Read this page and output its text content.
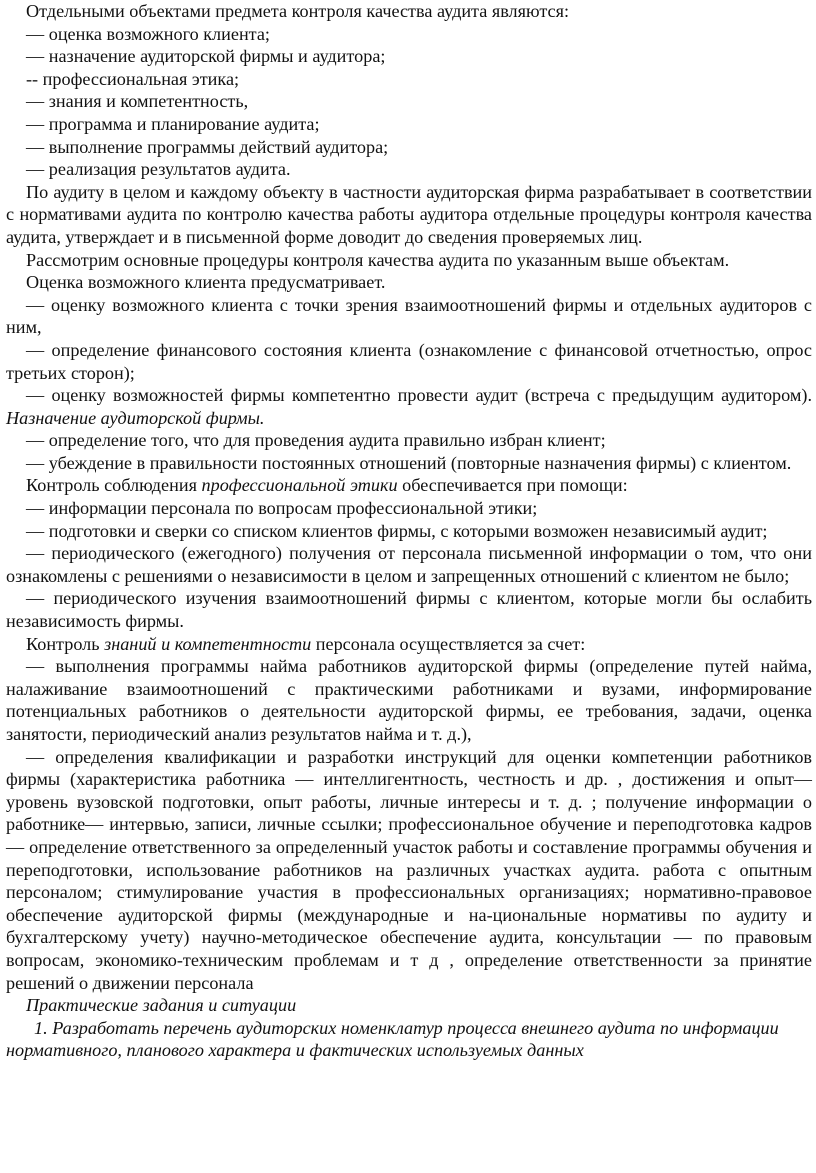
Отдельными объектами предмета контроля качества аудита являются:

— оценка возможного клиента;

— назначение аудиторской фирмы и аудитора;

-- профессиональная этика;

— знания и компетентность,

— программа и планирование аудита;

— выполнение программы действий аудитора;

— реализация результатов аудита.

По аудиту в целом и каждому объекту в частности аудиторская фирма разрабатывает в соответствии с нормативами аудита по контролю качества работы аудитора отдельные процедуры контроля качества аудита, утверждает и в письменной форме доводит до сведения проверяемых лиц.

Рассмотрим основные процедуры контроля качества аудита по указанным выше объектам.

Оценка возможного клиента предусматривает.

— оценку возможного клиента с точки зрения взаимоотношений фирмы и отдельных аудиторов с ним,

— определение финансового состояния клиента (ознакомление с финансовой отчетностью, опрос третьих сторон);

— оценку возможностей фирмы компетентно провести аудит (встреча с предыдущим аудитором). Назначение аудиторской фирмы.

— определение того, что для проведения аудита правильно избран клиент;

— убеждение в правильности постоянных отношений (повторные назначения фирмы) с клиентом.

Контроль соблюдения профессиональной этики обеспечивается при помощи:

— информации персонала по вопросам профессиональной этики;

— подготовки и сверки со списком клиентов фирмы, с которыми возможен независимый аудит;

— периодического (ежегодного) получения от персонала письменной информации о том, что они ознакомлены с решениями о независимости в целом и запрещенных отношений с клиентом не было;

— периодического изучения взаимоотношений фирмы с клиентом, которые могли бы ослабить независимость фирмы.

Контроль знаний и компетентности персонала осуществляется за счет:

— выполнения программы найма работников аудиторской фирмы (определение путей найма, налаживание взаимоотношений с практическими работниками и вузами, информирование потенциальных работников о деятельности аудиторской фирмы, ее требования, задачи, оценка занятости, периодический анализ результатов найма и т. д.),

— определения квалификации и разработки инструкций для оценки компетенции работников фирмы (характеристика работника — интеллигентность, честность и др. , достижения и опыт— уровень вузовской подготовки, опыт работы, личные интересы и т. д. ; получение информации о работнике— интервью, записи, личные ссылки; профессиональное обучение и переподготовка кадров — определение ответственного за определенный участок работы и составление программы обучения и переподготовки, использование работников на различных участках аудита. работа с опытным персоналом; стимулирование участия в профессиональных организациях; нормативно-правовое обеспечение аудиторской фирмы (международные и на-циональные нормативы по аудиту и бухгалтерскому учету) научно-методическое обеспечение аудита, консультации — по правовым вопросам, экономико-техническим проблемам и т д , определение ответственности за принятие решений о движении персонала

Практические задания и ситуации

1. Разработать перечень аудиторских номенклатур процесса внешнего аудита по информации нормативного, планового характера и фактических используемых данных
